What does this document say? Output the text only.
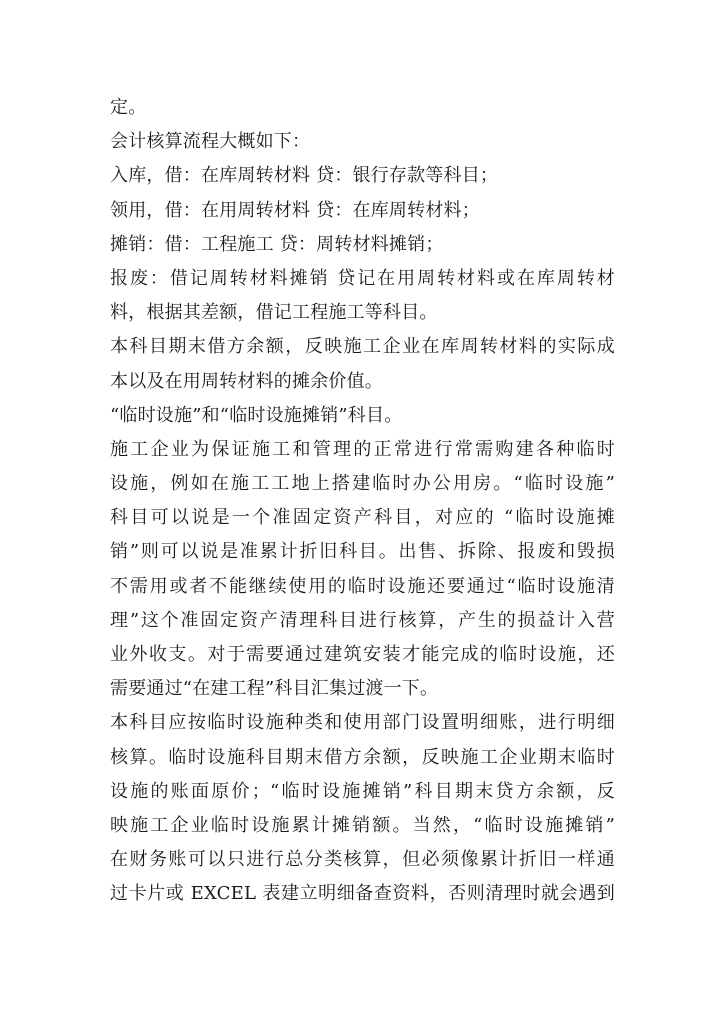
定。
会计核算流程大概如下：
入库，借：在库周转材料 贷：银行存款等科目；
领用，借：在用周转材料 贷：在库周转材料；
摊销：借：工程施工 贷：周转材料摊销；
报废：借记周转材料摊销 贷记在用周转材料或在库周转材
料，根据其差额，借记工程施工等科目。
本科目期末借方余额，反映施工企业在库周转材料的实际成
本以及在用周转材料的摊余价值。
“临时设施”和“临时设施摊销”科目。
施工企业为保证施工和管理的正常进行常需购建各种临时
设施，例如在施工工地上搭建临时办公用房。“临时设施”
科目可以说是一个准固定资产科目，对应的 “临时设施摊
销”则可以说是准累计折旧科目。出售、拆除、报废和毁损
不需用或者不能继续使用的临时设施还要通过“临时设施清
理”这个准固定资产清理科目进行核算，产生的损益计入营
业外收支。对于需要通过建筑安装才能完成的临时设施，还
需要通过“在建工程”科目汇集过渡一下。
本科目应按临时设施种类和使用部门设置明细账，进行明细
核算。临时设施科目期末借方余额，反映施工企业期末临时
设施的账面原价；“临时设施摊销”科目期末贷方余额，反
映施工企业临时设施累计摊销额。当然，“临时设施摊销”
在财务账可以只进行总分类核算，但必须像累计折旧一样通
过卡片或 EXCEL 表建立明细备查资料，否则清理时就会遇到
